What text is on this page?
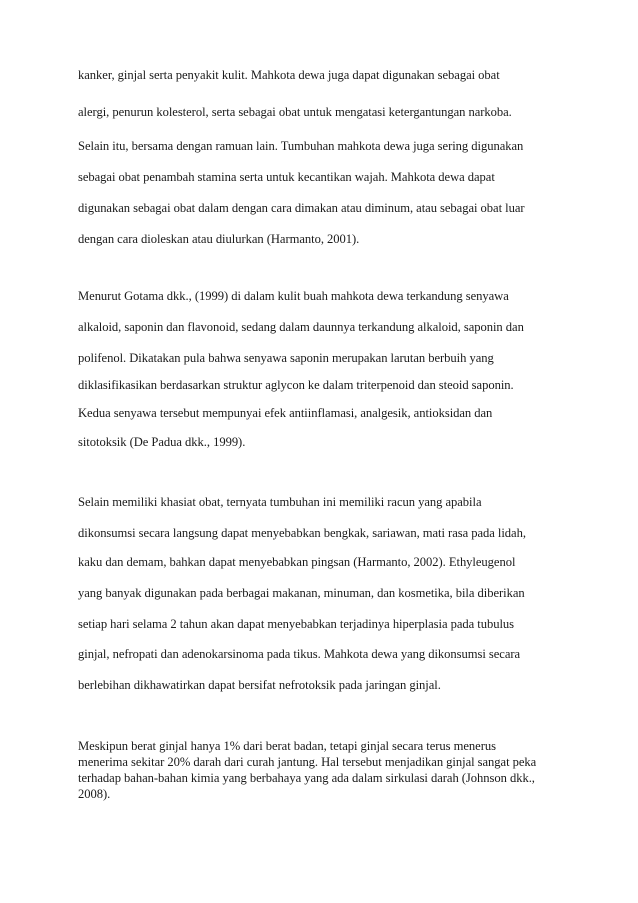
kanker, ginjal serta penyakit kulit. Mahkota dewa juga dapat digunakan sebagai obat
alergi, penurun kolesterol, serta sebagai obat untuk mengatasi ketergantungan narkoba.
Selain itu, bersama dengan ramuan lain. Tumbuhan mahkota dewa juga sering digunakan
sebagai obat penambah stamina serta untuk kecantikan wajah. Mahkota dewa dapat
digunakan sebagai obat dalam dengan cara dimakan atau diminum, atau sebagai obat luar
dengan cara dioleskan atau diulurkan (Harmanto, 2001).
Menurut Gotama dkk., (1999) di dalam kulit buah mahkota dewa terkandung senyawa
alkaloid, saponin dan flavonoid, sedang dalam daunnya terkandung alkaloid, saponin dan
polifenol. Dikatakan pula bahwa senyawa saponin merupakan larutan berbuih yang
diklasifikasikan berdasarkan struktur aglycon ke dalam triterpenoid dan steoid saponin.
Kedua senyawa tersebut mempunyai efek antiinflamasi, analgesik, antioksidan dan
sitotoksik (De Padua dkk., 1999).
Selain memiliki khasiat obat, ternyata tumbuhan ini memiliki racun yang apabila
dikonsumsi secara langsung dapat menyebabkan bengkak, sariawan, mati rasa pada lidah,
kaku dan demam, bahkan dapat menyebabkan pingsan (Harmanto, 2002). Ethyleugenol
yang banyak digunakan pada berbagai makanan, minuman, dan kosmetika, bila diberikan
setiap hari selama 2 tahun akan dapat menyebabkan terjadinya hiperplasia pada tubulus
ginjal, nefropati dan adenokarsinoma pada tikus. Mahkota dewa yang dikonsumsi secara
berlebihan dikhawatirkan dapat bersifat nefrotoksik pada jaringan ginjal.
Meskipun berat ginjal hanya 1% dari berat badan, tetapi ginjal secara terus menerus
menerima sekitar 20% darah dari curah jantung. Hal tersebut menjadikan ginjal sangat peka
terhadap bahan-bahan kimia yang berbahaya yang ada dalam sirkulasi darah (Johnson dkk.,
2008).
